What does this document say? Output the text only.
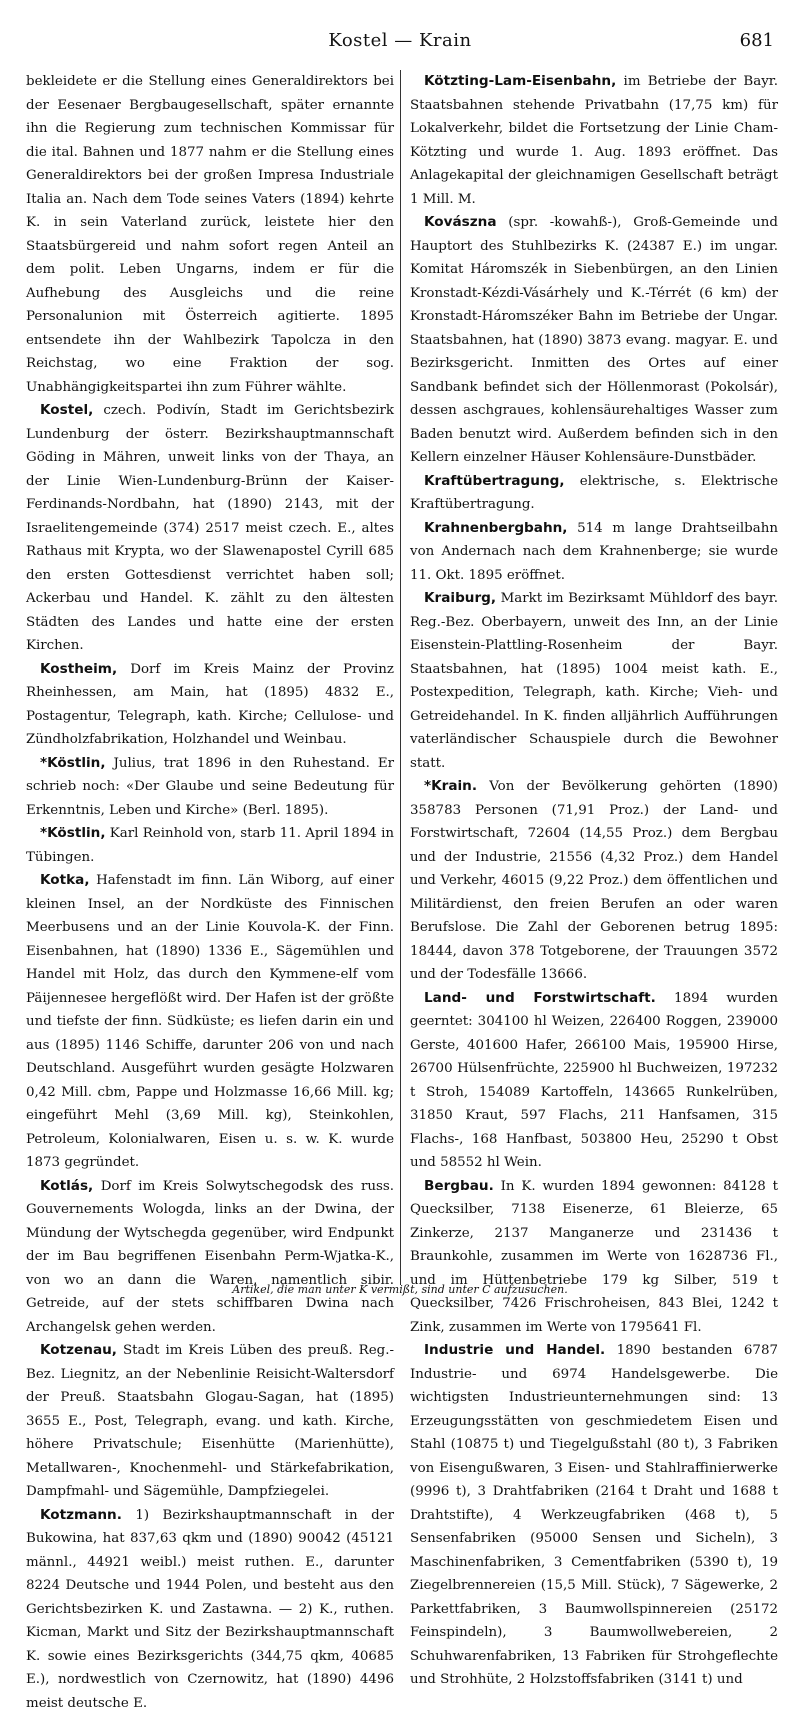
Kostel — Krain	681

bekleidete er die Stellung eines Generaldirektors bei der Eesenaer Bergbaugesellschaft, später ernannte ihn die Regierung zum technischen Kommissar für die ital. Bahnen und 1877 nahm er die Stellung eines Generaldirektors bei der großen Impresa Industriale Italia an. Nach dem Tode seines Vaters (1894) kehrte K. in sein Vaterland zurück, leistete hier den Staatsbürgereid und nahm sofort regen Anteil an dem polit. Leben Ungarns, indem er für die Aufhebung des Ausgleichs und die reine Personalunion mit Österreich agitierte. 1895 entsendete ihn der Wahlbezirk Tapolcza in den Reichstag, wo eine Fraktion der sog. Unabhängigkeitspartei ihn zum Führer wählte.

Kostel, czech. Podivín, Stadt im Gerichtsbezirk Lundenburg der österr. Bezirkshauptmannschaft Göding in Mähren, unweit links von der Thaya, an der Linie Wien-Lundenburg-Brünn der Kaiser-Ferdinands-Nordbahn, hat (1890) 2143, mit der Israelitengemeinde (374) 2517 meist czech. E., altes Rathaus mit Krypta, wo der Slawenapostel Cyrill 685 den ersten Gottesdienst verrichtet haben soll; Ackerbau und Handel. K. zählt zu den ältesten Städten des Landes und hatte eine der ersten Kirchen.

Kostheim, Dorf im Kreis Mainz der Provinz Rheinhessen, am Main, hat (1895) 4832 E., Postagentur, Telegraph, kath. Kirche; Cellulose- und Zündholzfabrikation, Holzhandel und Weinbau.

*Köstlin, Julius, trat 1896 in den Ruhestand. Er schrieb noch: «Der Glaube und seine Bedeutung für Erkenntnis, Leben und Kirche» (Berl. 1895).

*Köstlin, Karl Reinhold von, starb 11. April 1894 in Tübingen.

Kotka, Hafenstadt im finn. Län Wiborg, auf einer kleinen Insel, an der Nordküste des Finnischen Meerbusens und an der Linie Kouvola-K. der Finn. Eisenbahnen, hat (1890) 1336 E., Sägemühlen und Handel mit Holz, das durch den Kymmene-elf vom Päijennesee hergeflößt wird. Der Hafen ist der größte und tiefste der finn. Südküste; es liefen darin ein und aus (1895) 1146 Schiffe, darunter 206 von und nach Deutschland. Ausgeführt wurden gesägte Holzwaren 0,42 Mill. cbm, Pappe und Holzmasse 16,66 Mill. kg; eingeführt Mehl (3,69 Mill. kg), Steinkohlen, Petroleum, Kolonialwaren, Eisen u. s. w. K. wurde 1873 gegründet.

Kotlás, Dorf im Kreis Solwytschegodsk des russ. Gouvernements Wologda, links an der Dwina, der Mündung der Wytschegda gegenüber, wird Endpunkt der im Bau begriffenen Eisenbahn Perm-Wjatka-K., von wo an dann die Waren, namentlich sibir. Getreide, auf der stets schiffbaren Dwina nach Archangelsk gehen werden.

Kotzenau, Stadt im Kreis Lüben des preuß. Reg.-Bez. Liegnitz, an der Nebenlinie Reisicht-Waltersdorf der Preuß. Staatsbahn Glogau-Sagan, hat (1895) 3655 E., Post, Telegraph, evang. und kath. Kirche, höhere Privatschule; Eisenhütte (Marienhütte), Metallwaren-, Knochenmehl- und Stärkefabrikation, Dampfmahl- und Sägemühle, Dampfziegelei.

Kotzmann. 1) Bezirkshauptmannschaft in der Bukowina, hat 837,63 qkm und (1890) 90042 (45121 männl., 44921 weibl.) meist ruthen. E., darunter 8224 Deutsche und 1944 Polen, und besteht aus den Gerichtsbezirken K. und Zastawna. — 2) K., ruthen. Kicman, Markt und Sitz der Bezirkshauptmannschaft K. sowie eines Bezirksgerichts (344,75 qkm, 40685 E.), nordwestlich von Czernowitz, hat (1890) 4496 meist deutsche E.

Kötzting-Lam-Eisenbahn, im Betriebe der Bayr. Staatsbahnen stehende Privatbahn (17,75 km) für Lokalverkehr, bildet die Fortsetzung der Linie Cham-Kötzting und wurde 1. Aug. 1893 eröffnet. Das Anlagekapital der gleichnamigen Gesellschaft beträgt 1 Mill. M.

Kovászna (spr. -kowahß-), Groß-Gemeinde und Hauptort des Stuhlbezirks K. (24387 E.) im ungar. Komitat Háromszék in Siebenbürgen, an den Linien Kronstadt-Kézdi-Vásárhely und K.-Térrét (6 km) der Kronstadt-Háromszéker Bahn im Betriebe der Ungar. Staatsbahnen, hat (1890) 3873 evang. magyar. E. und Bezirksgericht. Inmitten des Ortes auf einer Sandbank befindet sich der Höllenmorast (Pokolsár), dessen aschgraues, kohlensäurehaltiges Wasser zum Baden benutzt wird. Außerdem befinden sich in den Kellern einzelner Häuser Kohlensäure-Dunstbäder.

Kraftübertragung, elektrische, s. Elektrische Kraftübertragung.

Krahnenbergbahn, 514 m lange Drahtseilbahn von Andernach nach dem Krahnenberge; sie wurde 11. Okt. 1895 eröffnet.

Kraiburg, Markt im Bezirksamt Mühldorf des bayr. Reg.-Bez. Oberbayern, unweit des Inn, an der Linie Eisenstein-Plattling-Rosenheim der Bayr. Staatsbahnen, hat (1895) 1004 meist kath. E., Postexpedition, Telegraph, kath. Kirche; Vieh- und Getreidehandel. In K. finden alljährlich Aufführungen vaterländischer Schauspiele durch die Bewohner statt.

*Krain. Von der Bevölkerung gehörten (1890) 358783 Personen (71,91 Proz.) der Land- und Forstwirtschaft, 72604 (14,55 Proz.) dem Bergbau und der Industrie, 21556 (4,32 Proz.) dem Handel und Verkehr, 46015 (9,22 Proz.) dem öffentlichen und Militärdienst, den freien Berufen an oder waren Berufslose. Die Zahl der Geborenen betrug 1895: 18444, davon 378 Totgeborene, der Trauungen 3572 und der Todesfälle 13666.

Land- und Forstwirtschaft. 1894 wurden geerntet: 304100 hl Weizen, 226400 Roggen, 239000 Gerste, 401600 Hafer, 266100 Mais, 195900 Hirse, 26700 Hülsenfrüchte, 225900 hl Buchweizen, 197232 t Stroh, 154089 Kartoffeln, 143665 Runkelrüben, 31850 Kraut, 597 Flachs, 211 Hanfsamen, 315 Flachs-, 168 Hanfbast, 503800 Heu, 25290 t Obst und 58552 hl Wein.

Bergbau. In K. wurden 1894 gewonnen: 84128 t Quecksilber, 7138 Eisenerze, 61 Bleierze, 65 Zinkerze, 2137 Manganerze und 231436 t Braunkohle, zusammen im Werte von 1628736 Fl., und im Hüttenbetriebe 179 kg Silber, 519 t Quecksilber, 7426 Frischroheisen, 843 Blei, 1242 t Zink, zusammen im Werte von 1795641 Fl.

Industrie und Handel. 1890 bestanden 6787 Industrie- und 6974 Handelsgewerbe. Die wichtigsten Industrieunternehmungen sind: 13 Erzeugungsstätten von geschmiedetem Eisen und Stahl (10875 t) und Tiegelgußstahl (80 t), 3 Fabriken von Eisengußwaren, 3 Eisen- und Stahlraffinierwerke (9996 t), 3 Drahtfabriken (2164 t Draht und 1688 t Drahtstifte), 4 Werkzeugfabriken (468 t), 5 Sensenfabriken (95000 Sensen und Sicheln), 3 Maschinenfabriken, 3 Cementfabriken (5390 t), 19 Ziegelbrennereien (15,5 Mill. Stück), 7 Sägewerke, 2 Parkettfabriken, 3 Baumwollspinnereien (25172 Feinspindeln), 3 Baumwollwebereien, 2 Schuhwarenfabriken, 13 Fabriken für Strohgeflechte und Strohhüte, 2 Holzstoffsfabriken (3141 t) und

Artikel, die man unter K vermißt, sind unter C aufzusuchen.
